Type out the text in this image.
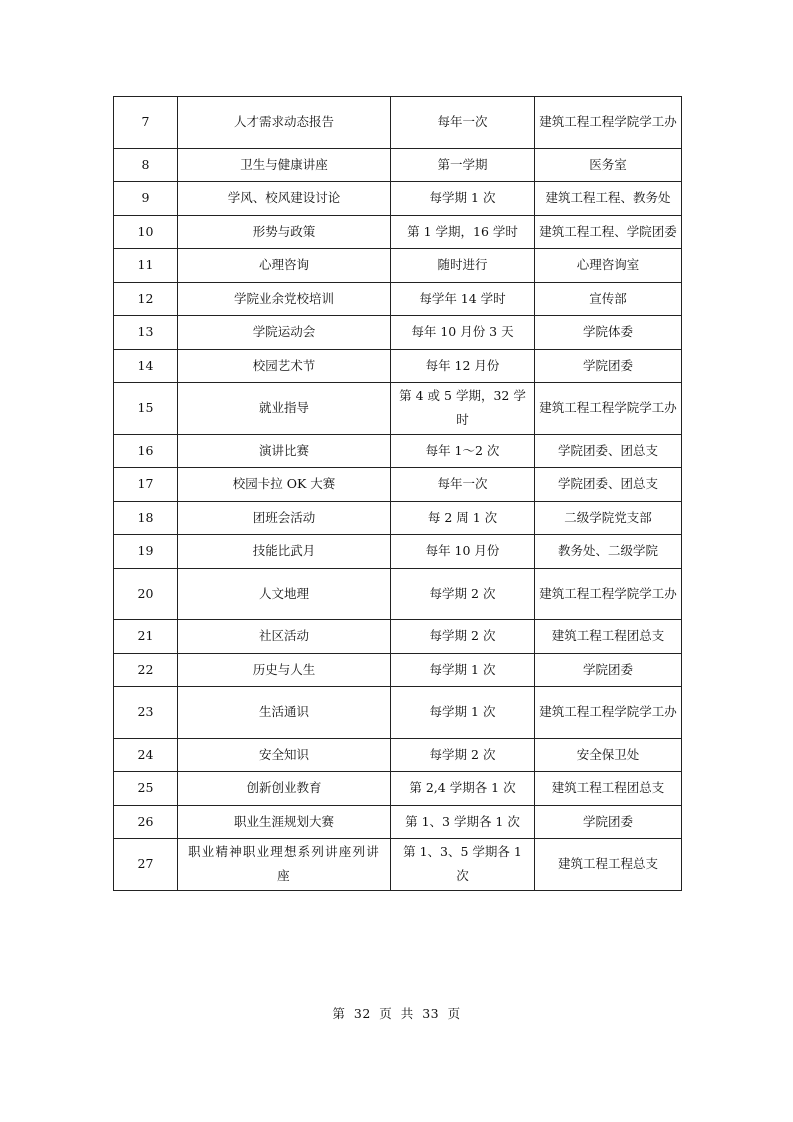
7	人才需求动态报告	每年一次	建筑工程工程学院学工办
8	卫生与健康讲座	第一学期	医务室
9	学风、校风建设讨论	每学期 1 次	建筑工程工程、教务处
10	形势与政策	第 1 学期，16 学时	建筑工程工程、学院团委
11	心理咨询	随时进行	心理咨询室
12	学院业余党校培训	每学年 14 学时	宣传部
13	学院运动会	每年 10 月份 3 天	学院体委
14	校园艺术节	每年 12 月份	学院团委
15	就业指导	第 4 或 5 学期，32 学时	建筑工程工程学院学工办
16	演讲比赛	每年 1～2 次	学院团委、团总支
17	校园卡拉 OK 大赛	每年一次	学院团委、团总支
18	团班会活动	每 2 周 1 次	二级学院党支部
19	技能比武月	每年 10 月份	教务处、二级学院
20	人文地理	每学期 2 次	建筑工程工程学院学工办
21	社区活动	每学期 2 次	建筑工程工程团总支
22	历史与人生	每学期 1 次	学院团委
23	生活通识	每学期 1 次	建筑工程工程学院学工办
24	安全知识	每学期 2 次	安全保卫处
25	创新创业教育	第 2,4 学期各 1 次	建筑工程工程团总支
26	职业生涯规划大赛	第 1、3 学期各 1 次	学院团委
27	职业精神职业理想系列讲座列讲座	第 1、3、5 学期各 1 次	建筑工程工程总支
第 32 页 共 33 页
